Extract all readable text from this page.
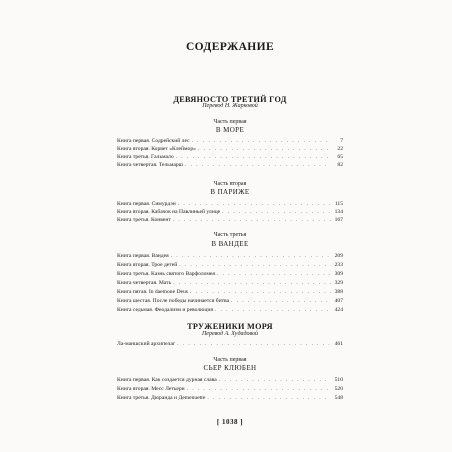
СОДЕРЖАНИЕ
ДЕВЯНОСТО ТРЕТИЙ ГОД
Перевод Н. Жарковой
Часть первая
В МОРЕ
Книга первая. Содрейский лес . . .	7
Книга вторая. Корвет «Клеймор» . . .	22
Книга третья. Гальмало . . .	65
Книга четвертая. Тельмарш . . .	82
Часть вторая
В ПАРИЖЕ
Книга первая. Симурдэн . . .	115
Книга вторая. Кабачок на Павлиньей улице . . .	134
Книга третья. Конвент . . .	167
Часть третья
В ВАНДЕЕ
Книга первая. Вандея . . .	209
Книга вторая. Трое детей . . .	233
Книга третья. Казнь святого Варфоломея . . .	309
Книга четвертая. Мать . . .	329
Книга пятая. In daemone Deus . . .	388
Книга шестая. После победы начинается битва . . .	407
Книга седьмая. Феодализм и революция . . .	424
ТРУЖЕНИКИ МОРЯ
Перевод А. Худадовой
Ла-маншский архипелаг . . .	461
Часть первая
СЬЕР КЛЮБЕН
Книга первая. Как создается дурная слава . . .	510
Книга вторая. Месс Летьери . . .	520
Книга третья. Дюранда и Деmenuette . . .	548
[ 1038 ]
